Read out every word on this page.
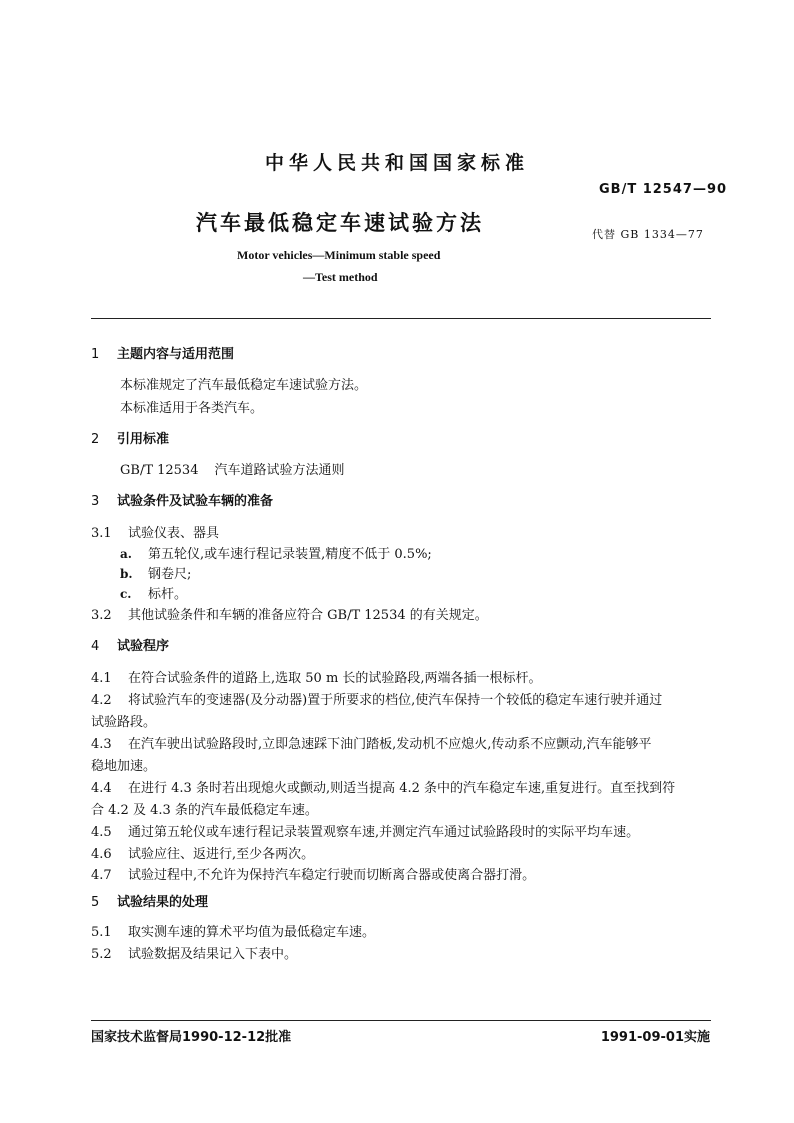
中华人民共和国国家标准
GB/T 12547—90
汽车最低稳定车速试验方法	代替 GB 1334—77
Motor vehicles—Minimum stable speed
—Test method
1 主题内容与适用范围
本标准规定了汽车最低稳定车速试验方法。
本标准适用于各类汽车。
2 引用标准
GB/T 12534 汽车道路试验方法通则
3 试验条件及试验车辆的准备
3.1 试验仪表、器具
a. 第五轮仪,或车速行程记录装置,精度不低于 0.5%;
b. 钢卷尺;
c. 标杆。
3.2 其他试验条件和车辆的准备应符合 GB/T 12534 的有关规定。
4 试验程序
4.1 在符合试验条件的道路上,选取 50 m 长的试验路段,两端各插一根标杆。
4.2 将试验汽车的变速器(及分动器)置于所要求的档位,使汽车保持一个较低的稳定车速行驶并通过
试验路段。
4.3 在汽车驶出试验路段时,立即急速踩下油门踏板,发动机不应熄火,传动系不应颤动,汽车能够平
稳地加速。
4.4 在进行 4.3 条时若出现熄火或颤动,则适当提高 4.2 条中的汽车稳定车速,重复进行。直至找到符
合 4.2 及 4.3 条的汽车最低稳定车速。
4.5 通过第五轮仪或车速行程记录装置观察车速,并测定汽车通过试验路段时的实际平均车速。
4.6 试验应往、返进行,至少各两次。
4.7 试验过程中,不允许为保持汽车稳定行驶而切断离合器或使离合器打滑。
5 试验结果的处理
5.1 取实测车速的算术平均值为最低稳定车速。
5.2 试验数据及结果记入下表中。
国家技术监督局1990-12-12批准	1991-09-01实施
